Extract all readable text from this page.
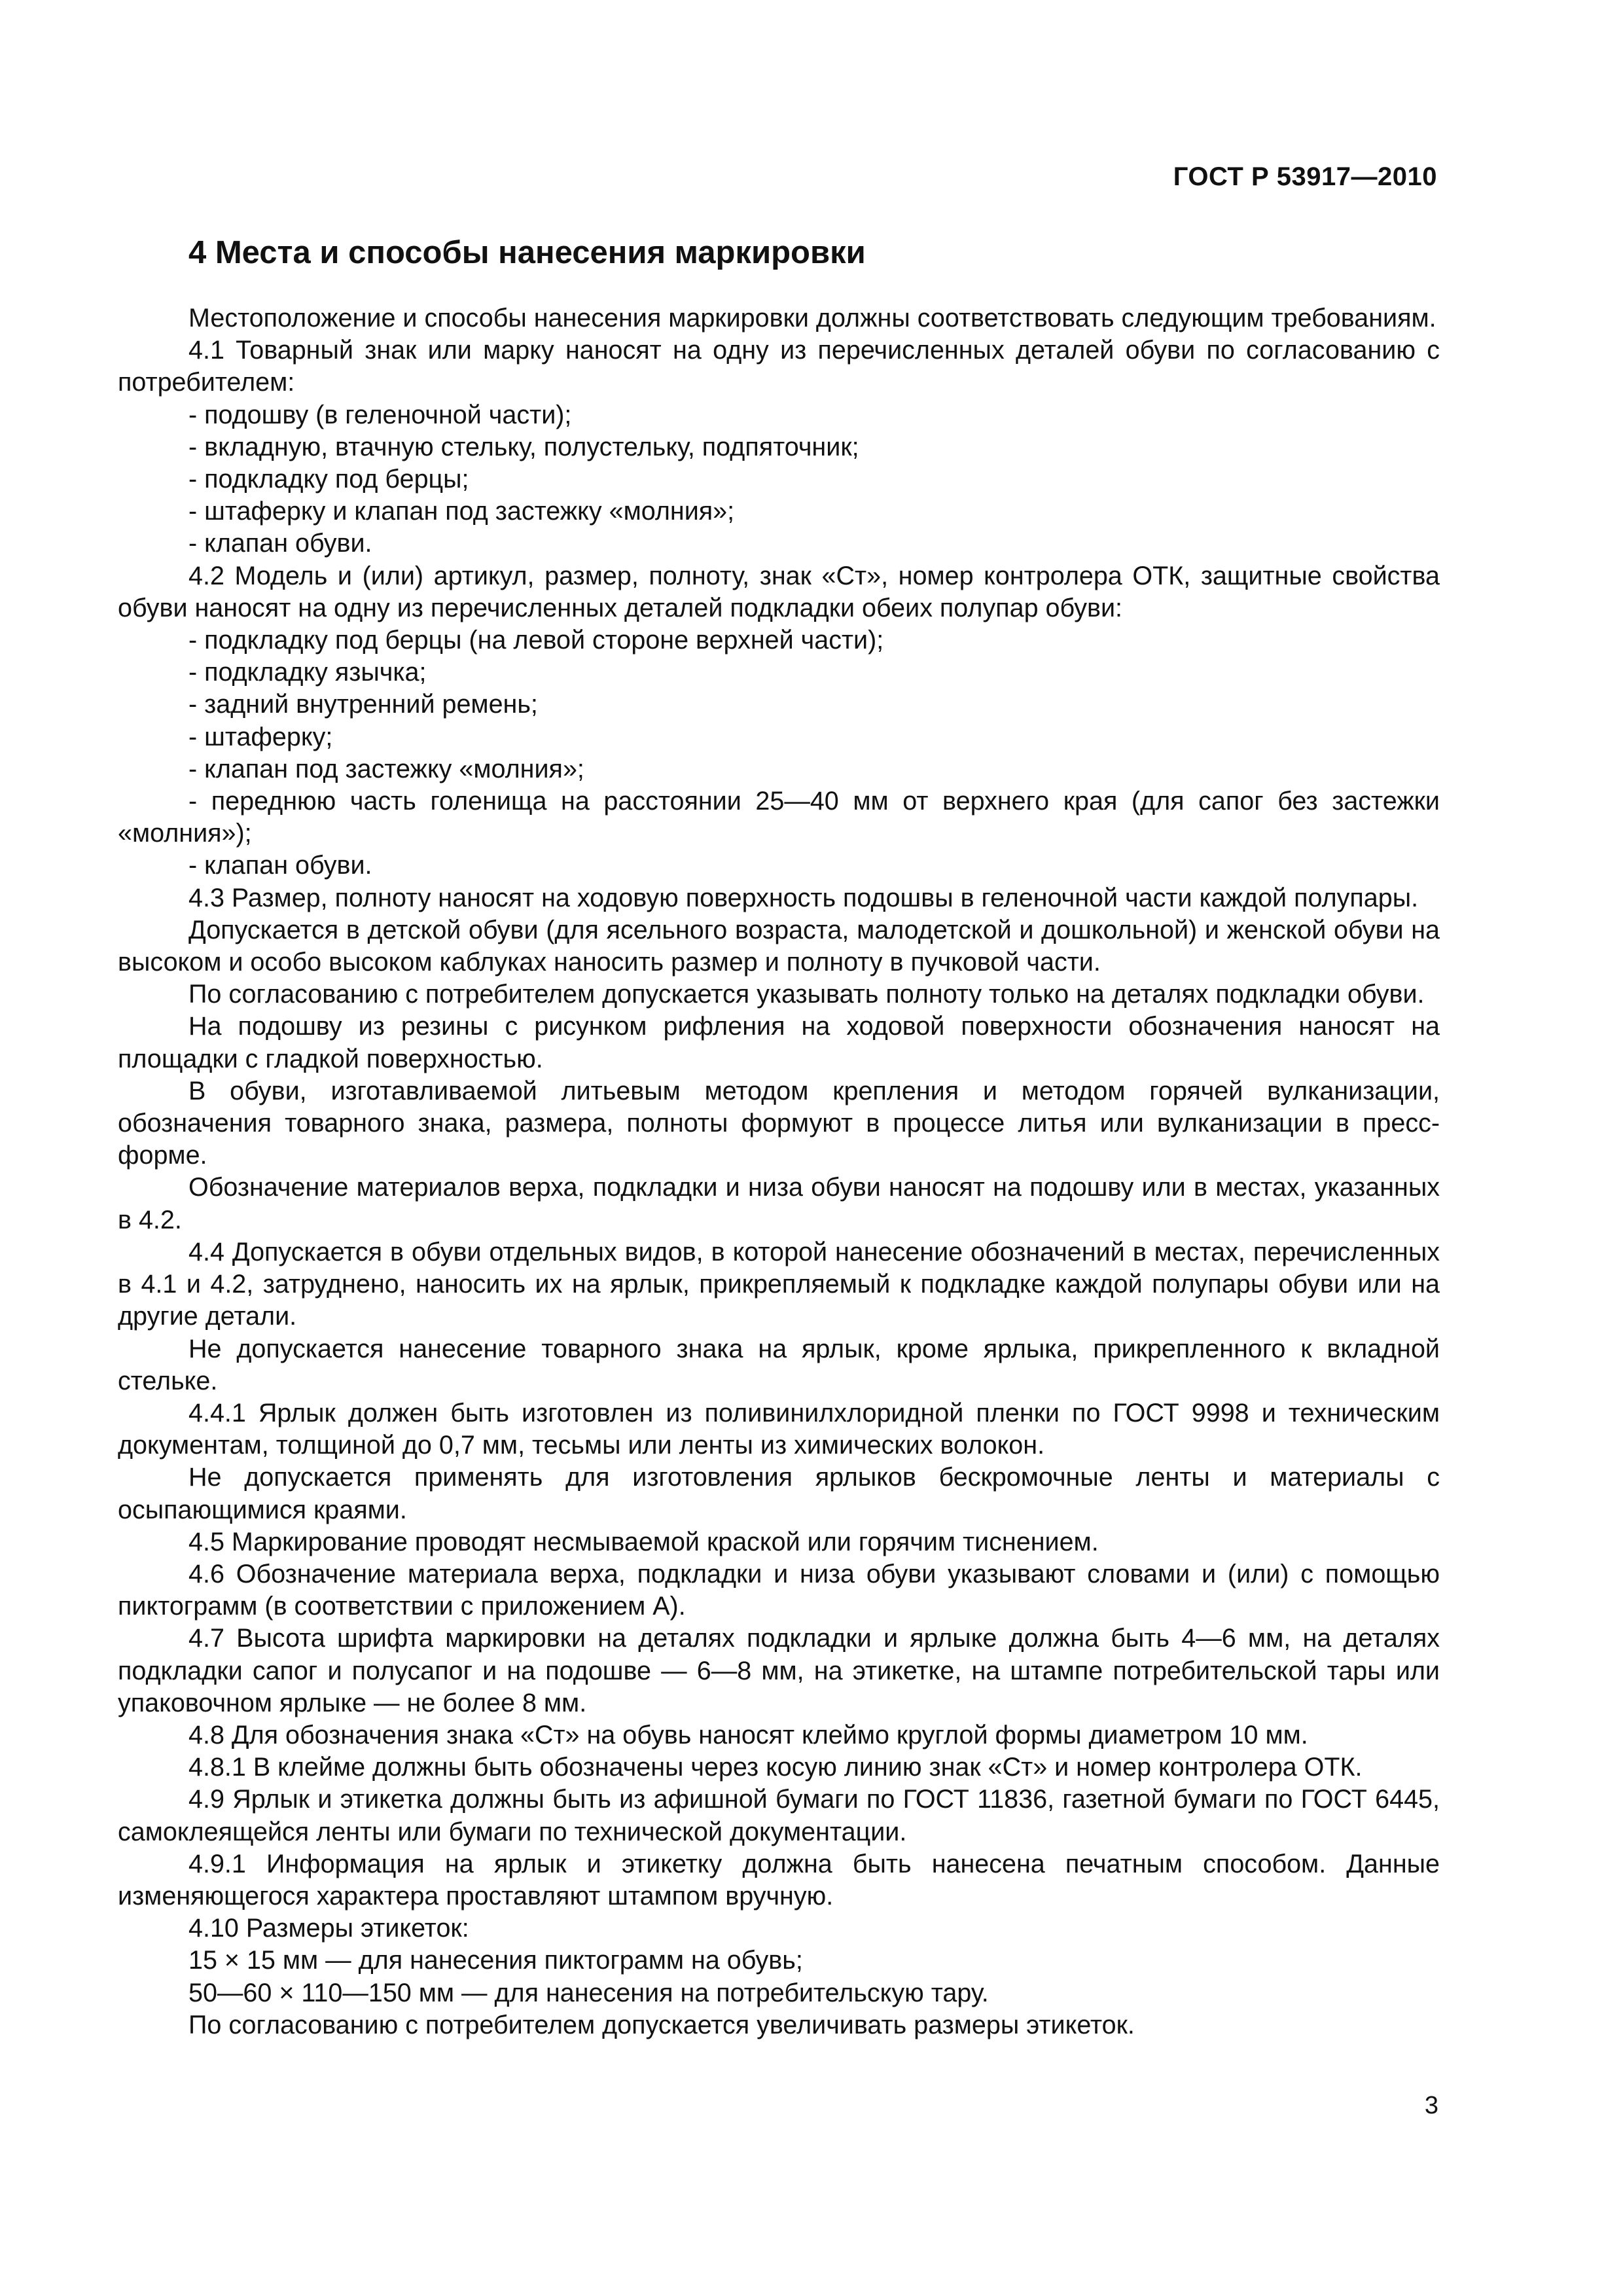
ГОСТ Р 53917—2010
4 Места и способы нанесения маркировки

Местоположение и способы нанесения маркировки должны соответствовать следующим требованиям.

4.1 Товарный знак или марку наносят на одну из перечисленных деталей обуви по согласованию с потребителем:

- подошву (в геленочной части);

- вкладную, втачную стельку, полустельку, подпяточник;

- подкладку под берцы;

- штаферку и клапан под застежку «молния»;

- клапан обуви.

4.2 Модель и (или) артикул, размер, полноту, знак «Ст», номер контролера ОТК, защитные свойства обуви наносят на одну из перечисленных деталей подкладки обеих полупар обуви:

- подкладку под берцы (на левой стороне верхней части);

- подкладку язычка;

- задний внутренний ремень;

- штаферку;

- клапан под застежку «молния»;

- переднюю часть голенища на расстоянии 25—40 мм от верхнего края (для сапог без застежки «молния»);

- клапан обуви.

4.3 Размер, полноту наносят на ходовую поверхность подошвы в геленочной части каждой полупары.

Допускается в детской обуви (для ясельного возраста, малодетской и дошкольной) и женской обуви на высоком и особо высоком каблуках наносить размер и полноту в пучковой части.

По согласованию с потребителем допускается указывать полноту только на деталях подкладки обуви.

На подошву из резины с рисунком рифления на ходовой поверхности обозначения наносят на площадки с гладкой поверхностью.

В обуви, изготавливаемой литьевым методом крепления и методом горячей вулканизации, обозначения товарного знака, размера, полноты формуют в процессе литья или вулканизации в пресс-форме.

Обозначение материалов верха, подкладки и низа обуви наносят на подошву или в местах, указанных в 4.2.

4.4 Допускается в обуви отдельных видов, в которой нанесение обозначений в местах, перечисленных в 4.1 и 4.2, затруднено, наносить их на ярлык, прикрепляемый к подкладке каждой полупары обуви или на другие детали.

Не допускается нанесение товарного знака на ярлык, кроме ярлыка, прикрепленного к вкладной стельке.

4.4.1 Ярлык должен быть изготовлен из поливинилхлоридной пленки по ГОСТ 9998 и техническим документам, толщиной до 0,7 мм, тесьмы или ленты из химических волокон.

Не допускается применять для изготовления ярлыков бескромочные ленты и материалы с осыпающимися краями.

4.5 Маркирование проводят несмываемой краской или горячим тиснением.

4.6 Обозначение материала верха, подкладки и низа обуви указывают словами и (или) с помощью пиктограмм (в соответствии с приложением А).

4.7 Высота шрифта маркировки на деталях подкладки и ярлыке должна быть 4—6 мм, на деталях подкладки сапог и полусапог и на подошве — 6—8 мм, на этикетке, на штампе потребительской тары или упаковочном ярлыке — не более 8 мм.

4.8 Для обозначения знака «Ст» на обувь наносят клеймо круглой формы диаметром 10 мм.

4.8.1 В клейме должны быть обозначены через косую линию знак «Ст» и номер контролера ОТК.

4.9 Ярлык и этикетка должны быть из афишной бумаги по ГОСТ 11836, газетной бумаги по ГОСТ 6445, самоклеящейся ленты или бумаги по технической документации.

4.9.1 Информация на ярлык и этикетку должна быть нанесена печатным способом. Данные изменяющегося характера проставляют штампом вручную.

4.10 Размеры этикеток:

15 × 15 мм — для нанесения пиктограмм на обувь;

50—60 × 110—150 мм — для нанесения на потребительскую тару.

По согласованию с потребителем допускается увеличивать размеры этикеток.

3
